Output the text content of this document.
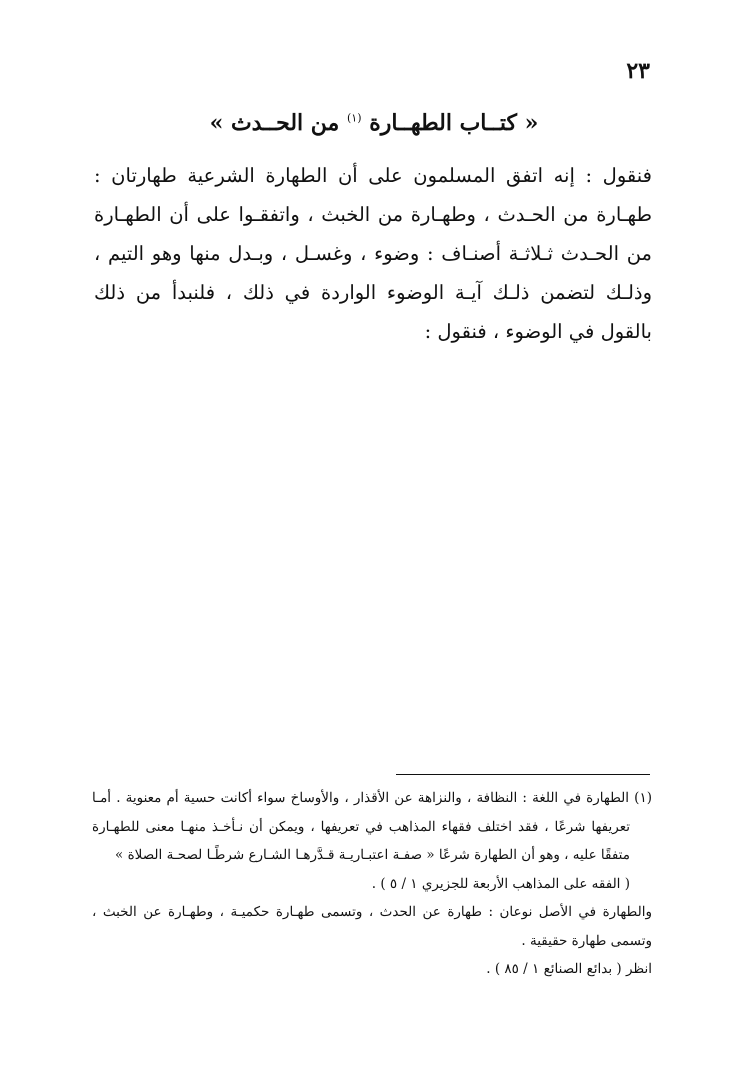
٢٣
« كتــاب الطهــارة $^{(١)}$ من الحــدث »

فنقول : إنه اتفق المسلمون على أن الطهارة الشرعية طهارتان : طهـارة من الحـدث ، وطهـارة من الخبث ، واتفقـوا على أن الطهـارة من الحـدث ثـلاثـة أصنـاف : وضوء ، وغسـل ، وبـدل منها وهو التيم ، وذلـك لتضمن ذلـك آيـة الوضوء الواردة في ذلك ، فلنبدأ من ذلك بالقول في الوضوء ، فنقول :

(١) الطهارة في اللغة : النظافة ، والنزاهة عن الأقذار ، والأوساخ سواء أكانت حسية أم معنوية . أمـا تعريفها شرعًا ، فقد اختلف فقهاء المذاهب في تعريفها ، ويمكن أن نـأخـذ منهـا معنى للطهـارة متفقًا عليه ، وهو أن الطهارة شرعًا « صفـة اعتبـاريـة قـدَّرهـا الشـارع شرطًـا لصحـة الصلاة »

( الفقه على المذاهب الأربعة للجزيري ١ / ٥ ) .

والطهارة في الأصل نوعان : طهارة عن الحدث ، وتسمى طهـارة حكميـة ، وطهـارة عن الخبث ، وتسمى طهارة حقيقية .

انظر ( بدائع الصنائع ١ / ٨٥ ) .
